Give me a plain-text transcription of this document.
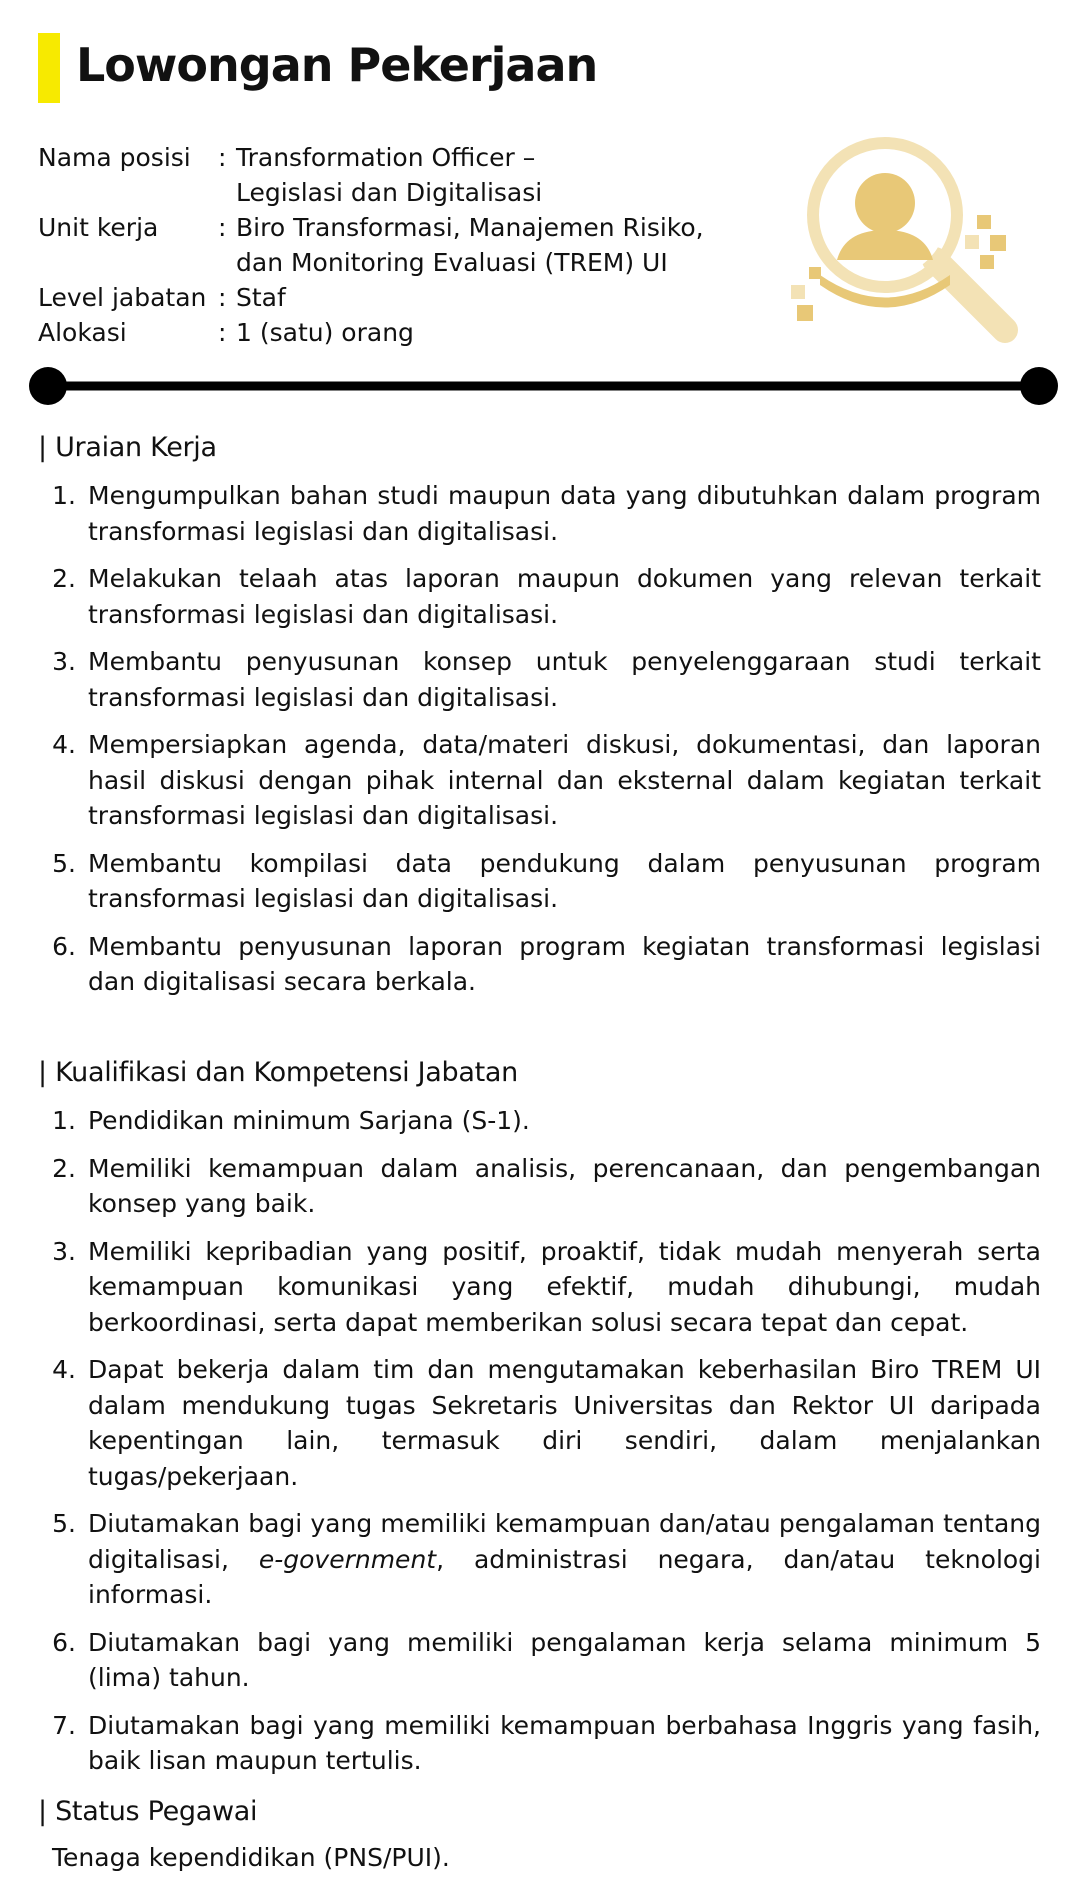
Lowongan Pekerjaan
Nama posisi	: Transformation Officer –
Legislasi dan Digitalisasi
Unit kerja	: Biro Transformasi, Manajemen Risiko,
dan Monitoring Evaluasi (TREM) UI
Level jabatan : Staf
Alokasi	: 1 (satu) orang
| Uraian Kerja
1. Mengumpulkan bahan studi maupun data yang dibutuhkan dalam program transformasi legislasi dan digitalisasi.
2. Melakukan telaah atas laporan maupun dokumen yang relevan terkait transformasi legislasi dan digitalisasi.
3. Membantu penyusunan konsep untuk penyelenggaraan studi terkait transformasi legislasi dan digitalisasi.
4. Mempersiapkan agenda, data/materi diskusi, dokumentasi, dan laporan hasil diskusi dengan pihak internal dan eksternal dalam kegiatan terkait transformasi legislasi dan digitalisasi.
5. Membantu kompilasi data pendukung dalam penyusunan program transformasi legislasi dan digitalisasi.
6. Membantu penyusunan laporan program kegiatan transformasi legislasi dan digitalisasi secara berkala.
| Kualifikasi dan Kompetensi Jabatan
1. Pendidikan minimum Sarjana (S-1).
2. Memiliki kemampuan dalam analisis, perencanaan, dan pengembangan konsep yang baik.
3. Memiliki kepribadian yang positif, proaktif, tidak mudah menyerah serta kemampuan komunikasi yang efektif, mudah dihubungi, mudah berkoordinasi, serta dapat memberikan solusi secara tepat dan cepat.
4. Dapat bekerja dalam tim dan mengutamakan keberhasilan Biro TREM UI dalam mendukung tugas Sekretaris Universitas dan Rektor UI daripada kepentingan lain, termasuk diri sendiri, dalam menjalankan tugas/pekerjaan.
5. Diutamakan bagi yang memiliki kemampuan dan/atau pengalaman tentang digitalisasi, e-government, administrasi negara, dan/atau teknologi informasi.
6. Diutamakan bagi yang memiliki pengalaman kerja selama minimum 5 (lima) tahun.
7. Diutamakan bagi yang memiliki kemampuan berbahasa Inggris yang fasih, baik lisan maupun tertulis.
| Status Pegawai

Tenaga kependidikan (PNS/PUI).
